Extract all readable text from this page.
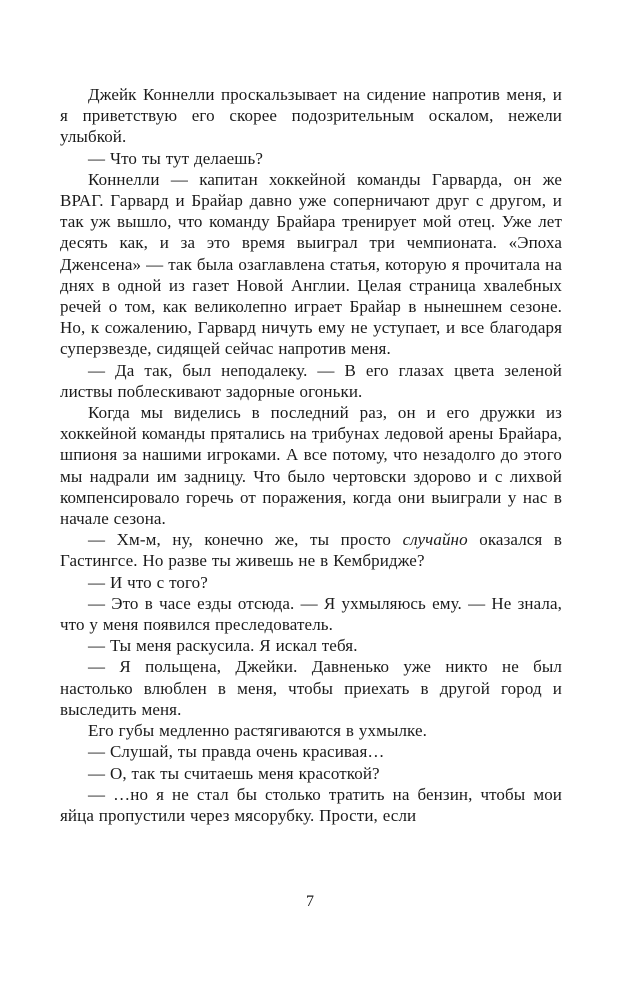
Джейк Коннелли проскальзывает на сидение напротив меня, и я приветствую его скорее подозрительным оскалом, нежели улыбкой.

— Что ты тут делаешь?

Коннелли — капитан хоккейной команды Гарварда, он же ВРАГ. Гарвард и Брайар давно уже соперничают друг с другом, и так уж вышло, что команду Брайара тренирует мой отец. Уже лет десять как, и за это время выиграл три чемпионата. «Эпоха Дженсена» — так была озаглавлена статья, которую я прочитала на днях в одной из газет Новой Англии. Целая страница хвалебных речей о том, как великолепно играет Брайар в нынешнем сезоне. Но, к сожалению, Гарвард ничуть ему не уступает, и все благодаря суперзвезде, сидящей сейчас напротив меня.

— Да так, был неподалеку. — В его глазах цвета зеленой листвы поблескивают задорные огоньки.

Когда мы виделись в последний раз, он и его дружки из хоккейной команды прятались на трибунах ледовой арены Брайара, шпионя за нашими игроками. А все потому, что незадолго до этого мы надрали им задницу. Что было чертовски здорово и с лихвой компенсировало горечь от поражения, когда они выиграли у нас в начале сезона.

— Хм-м, ну, конечно же, ты просто случайно оказался в Гастингсе. Но разве ты живешь не в Кембридже?

— И что с того?

— Это в часе езды отсюда. — Я ухмыляюсь ему. — Не знала, что у меня появился преследователь.

— Ты меня раскусила. Я искал тебя.

— Я польщена, Джейки. Давненько уже никто не был настолько влюблен в меня, чтобы приехать в другой город и выследить меня.

Его губы медленно растягиваются в ухмылке.

— Слушай, ты правда очень красивая…

— О, так ты считаешь меня красоткой?

— …но я не стал бы столько тратить на бензин, чтобы мои яйца пропустили через мясорубку. Прости, если

7
